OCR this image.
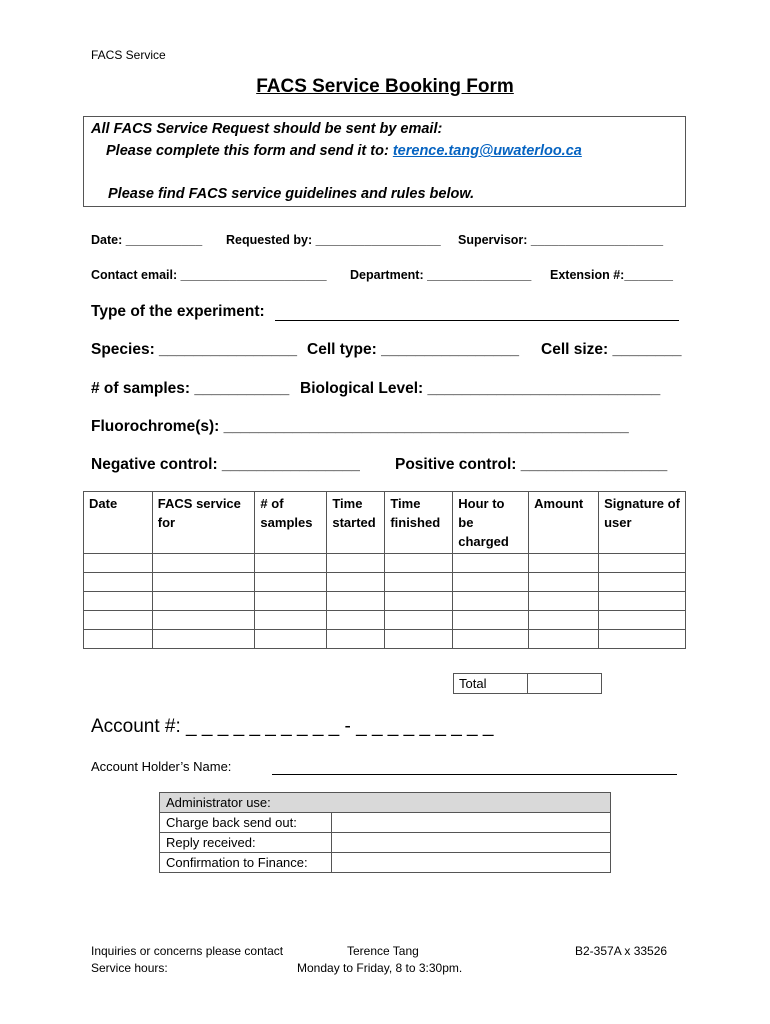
FACS Service
FACS Service Booking Form
All FACS Service Request should be sent by email:
Please complete this form and send it to: terence.tang@uwaterloo.ca
Please find FACS service guidelines and rules below.
Date: ___________ Requested by: __________________ Supervisor: ___________________
Contact email: _____________________ Department: _______________ Extension #:_______
Type of the experiment:
Species: ________________ Cell type: ________________ Cell size: ________
# of samples: ___________ Biological Level: ___________________________
Fluorochrome(s): _______________________________________________
Negative control: ________________ Positive control: _________________
Date	FACS service for	# of samples	Time started	Time finished	Hour to be charged	Amount	Signature of user

Total	
Account #: _ _ _ _ _ _ _ _ _ _ - _ _ _ _ _ _ _ _ _
Account Holder’s Name:
Administrator use:	
Charge back send out:	
Reply received:	
Confirmation to Finance:	
Inquiries or concerns please contact	Terence Tang	B2-357A x 33526
Service hours:	Monday to Friday, 8 to 3:30pm.
